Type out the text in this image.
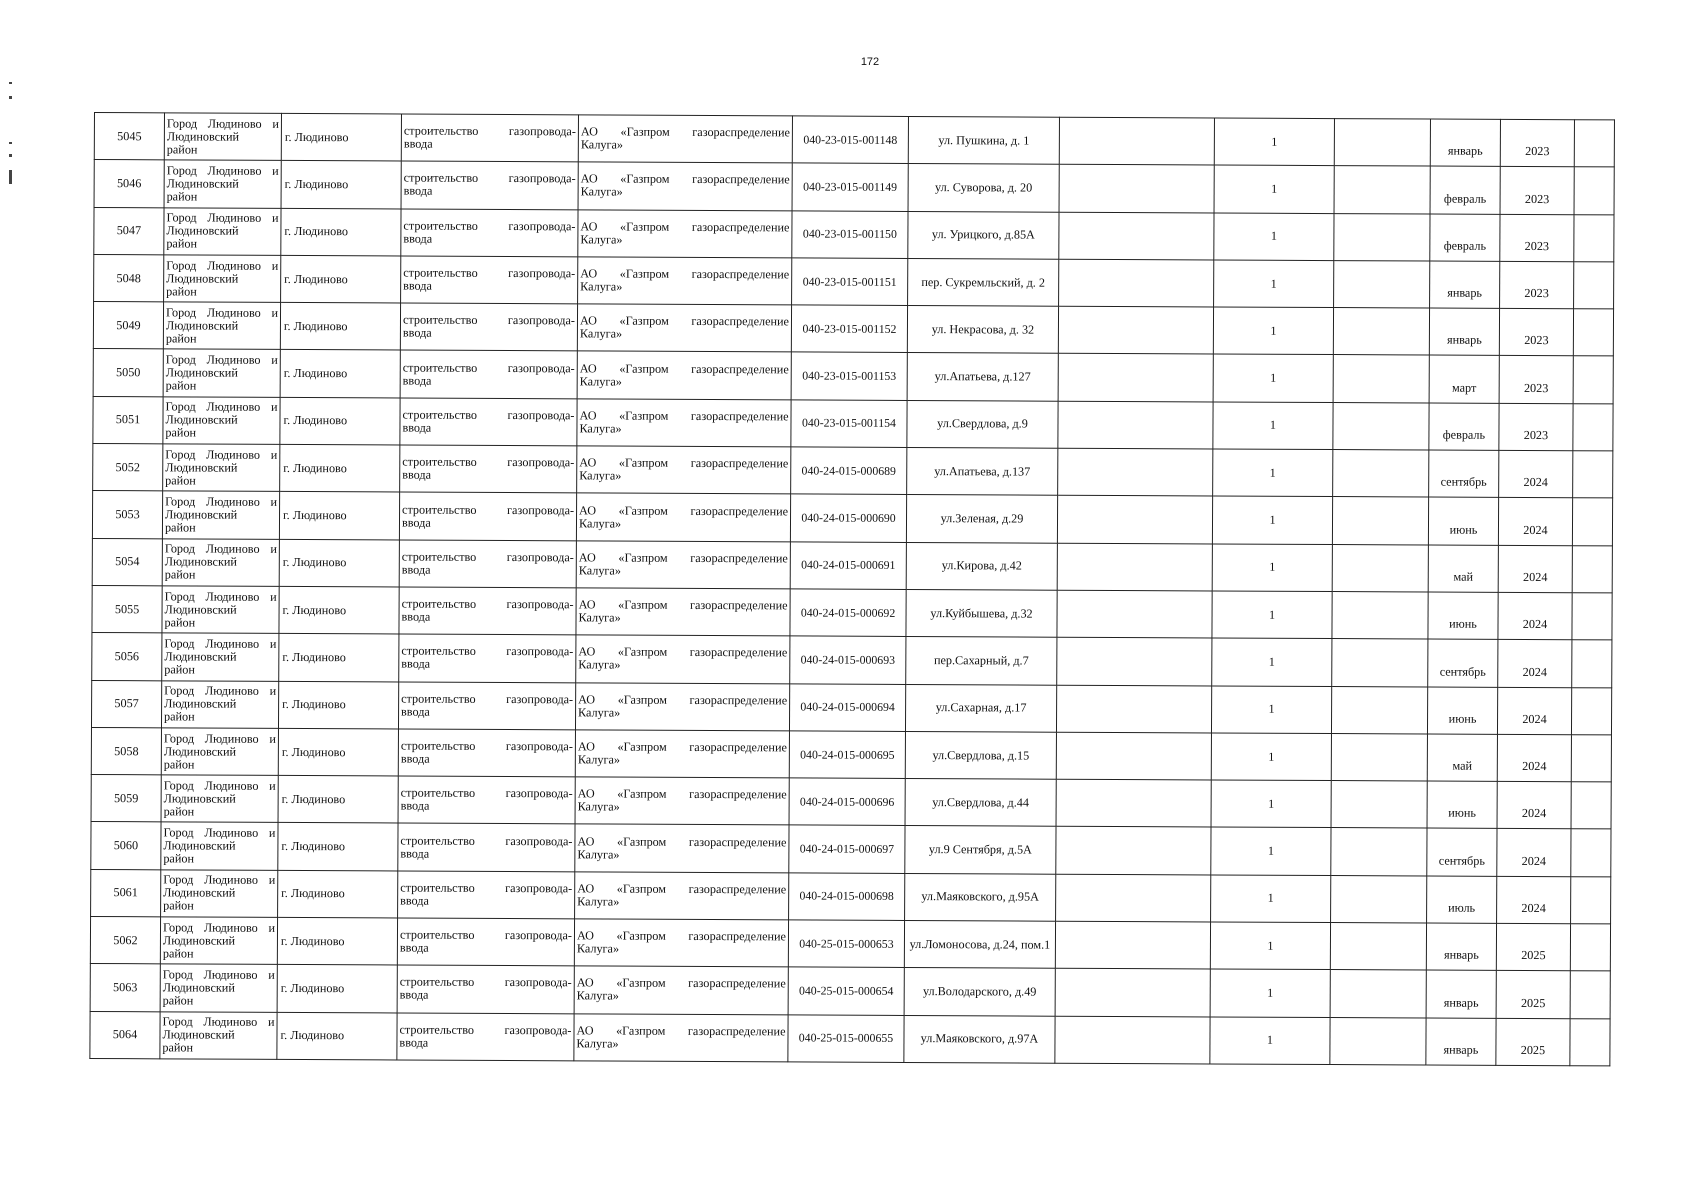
172
5045	Город Людиново и
Людиновский
район	г. Людиново	строительство газопровода-
ввода	АО «Газпром газораспределение
Калуга»	040-23-015-001148	ул. Пушкина, д. 1		1		январь	2023	
5046	Город Людиново и
Людиновский
район	г. Людиново	строительство газопровода-
ввода	АО «Газпром газораспределение
Калуга»	040-23-015-001149	ул. Суворова, д. 20		1		февраль	2023	
5047	Город Людиново и
Людиновский
район	г. Людиново	строительство газопровода-
ввода	АО «Газпром газораспределение
Калуга»	040-23-015-001150	ул. Урицкого, д.85А		1		февраль	2023	
5048	Город Людиново и
Людиновский
район	г. Людиново	строительство газопровода-
ввода	АО «Газпром газораспределение
Калуга»	040-23-015-001151	пер. Сукремльский, д. 2		1		январь	2023	
5049	Город Людиново и
Людиновский
район	г. Людиново	строительство газопровода-
ввода	АО «Газпром газораспределение
Калуга»	040-23-015-001152	ул. Некрасова, д. 32		1		январь	2023	
5050	Город Людиново и
Людиновский
район	г. Людиново	строительство газопровода-
ввода	АО «Газпром газораспределение
Калуга»	040-23-015-001153	ул.Апатьева, д.127		1		март	2023	
5051	Город Людиново и
Людиновский
район	г. Людиново	строительство газопровода-
ввода	АО «Газпром газораспределение
Калуга»	040-23-015-001154	ул.Свердлова, д.9		1		февраль	2023	
5052	Город Людиново и
Людиновский
район	г. Людиново	строительство газопровода-
ввода	АО «Газпром газораспределение
Калуга»	040-24-015-000689	ул.Апатьева, д.137		1		сентябрь	2024	
5053	Город Людиново и
Людиновский
район	г. Людиново	строительство газопровода-
ввода	АО «Газпром газораспределение
Калуга»	040-24-015-000690	ул.Зеленая, д.29		1		июнь	2024	
5054	Город Людиново и
Людиновский
район	г. Людиново	строительство газопровода-
ввода	АО «Газпром газораспределение
Калуга»	040-24-015-000691	ул.Кирова, д.42		1		май	2024	
5055	Город Людиново и
Людиновский
район	г. Людиново	строительство газопровода-
ввода	АО «Газпром газораспределение
Калуга»	040-24-015-000692	ул.Куйбышева, д.32		1		июнь	2024	
5056	Город Людиново и
Людиновский
район	г. Людиново	строительство газопровода-
ввода	АО «Газпром газораспределение
Калуга»	040-24-015-000693	пер.Сахарный, д.7		1		сентябрь	2024	
5057	Город Людиново и
Людиновский
район	г. Людиново	строительство газопровода-
ввода	АО «Газпром газораспределение
Калуга»	040-24-015-000694	ул.Сахарная, д.17		1		июнь	2024	
5058	Город Людиново и
Людиновский
район	г. Людиново	строительство газопровода-
ввода	АО «Газпром газораспределение
Калуга»	040-24-015-000695	ул.Свердлова, д.15		1		май	2024	
5059	Город Людиново и
Людиновский
район	г. Людиново	строительство газопровода-
ввода	АО «Газпром газораспределение
Калуга»	040-24-015-000696	ул.Свердлова, д.44		1		июнь	2024	
5060	Город Людиново и
Людиновский
район	г. Людиново	строительство газопровода-
ввода	АО «Газпром газораспределение
Калуга»	040-24-015-000697	ул.9 Сентября, д.5А		1		сентябрь	2024	
5061	Город Людиново и
Людиновский
район	г. Людиново	строительство газопровода-
ввода	АО «Газпром газораспределение
Калуга»	040-24-015-000698	ул.Маяковского, д.95А		1		июль	2024	
5062	Город Людиново и
Людиновский
район	г. Людиново	строительство газопровода-
ввода	АО «Газпром газораспределение
Калуга»	040-25-015-000653	ул.Ломоносова, д.24, пом.1		1		январь	2025	
5063	Город Людиново и
Людиновский
район	г. Людиново	строительство газопровода-
ввода	АО «Газпром газораспределение
Калуга»	040-25-015-000654	ул.Володарского, д.49		1		январь	2025	
5064	Город Людиново и
Людиновский
район	г. Людиново	строительство газопровода-
ввода	АО «Газпром газораспределение
Калуга»	040-25-015-000655	ул.Маяковского, д.97А		1		январь	2025	
